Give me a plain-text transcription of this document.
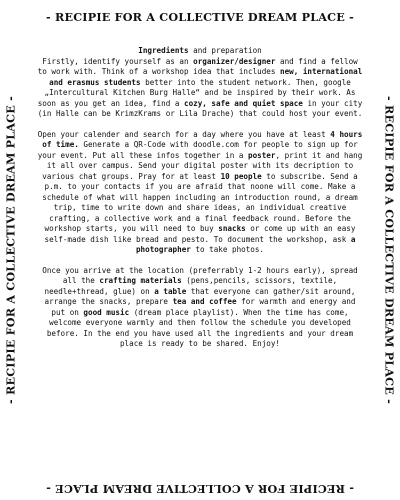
- RECIPIE FOR A COLLECTIVE DREAM PLACE -
- RECIPIE FOR A COLLECTIVE DREAM PLACE -	- RECIPIE FOR A COLLECTIVE DREAM PLACE -
- RECIPIE FOR A COLLECTIVE DREAM PLACE -

Ingredients and preparation
Firstly, identify yourself as an organizer/designer and find a fellow to work with. Think of a workshop idea that includes new, international and erasmus students better into the student network. Then, google „Intercultural Kitchen Burg Halle“ and be inspired by their work. As soon as you get an idea, find a cozy, safe and quiet space in your city (in Halle can be KrimzKrams or Lila Drache) that could host your event.

Open your calender and search for a day where you have at least 4 hours of time. Generate a QR-Code with doodle.com for people to sign up for your event. Put all these infos together in a poster, print it and hang it all over campus. Send your digital poster with its decription to various chat groups. Pray for at least 10 people to subscribe. Send a p.m. to your contacts if you are afraid that noone will come. Make a schedule of what will happen including an introduction round, a dream trip, time to write down and share ideas, an individual creative crafting, a collective work and a final feedback round. Before the workshop starts, you will need to buy snacks or come up with an easy self-made dish like bread and pesto. To document the workshop, ask a photographer to take photos.

Once you arrive at the location (preferrably 1-2 hours early), spread all the crafting materials (pens,pencils, scissors, textile, needle+thread, glue) on a table that everyone can gather/sit around, arrange the snacks, prepare tea and coffee for warmth and energy and put on good music (dream place playlist). When the time has come, welcome everyone warmly and then follow the schedule you developed before. In the end you have used all the ingredients and your dream place is ready to be shared. Enjoy!
